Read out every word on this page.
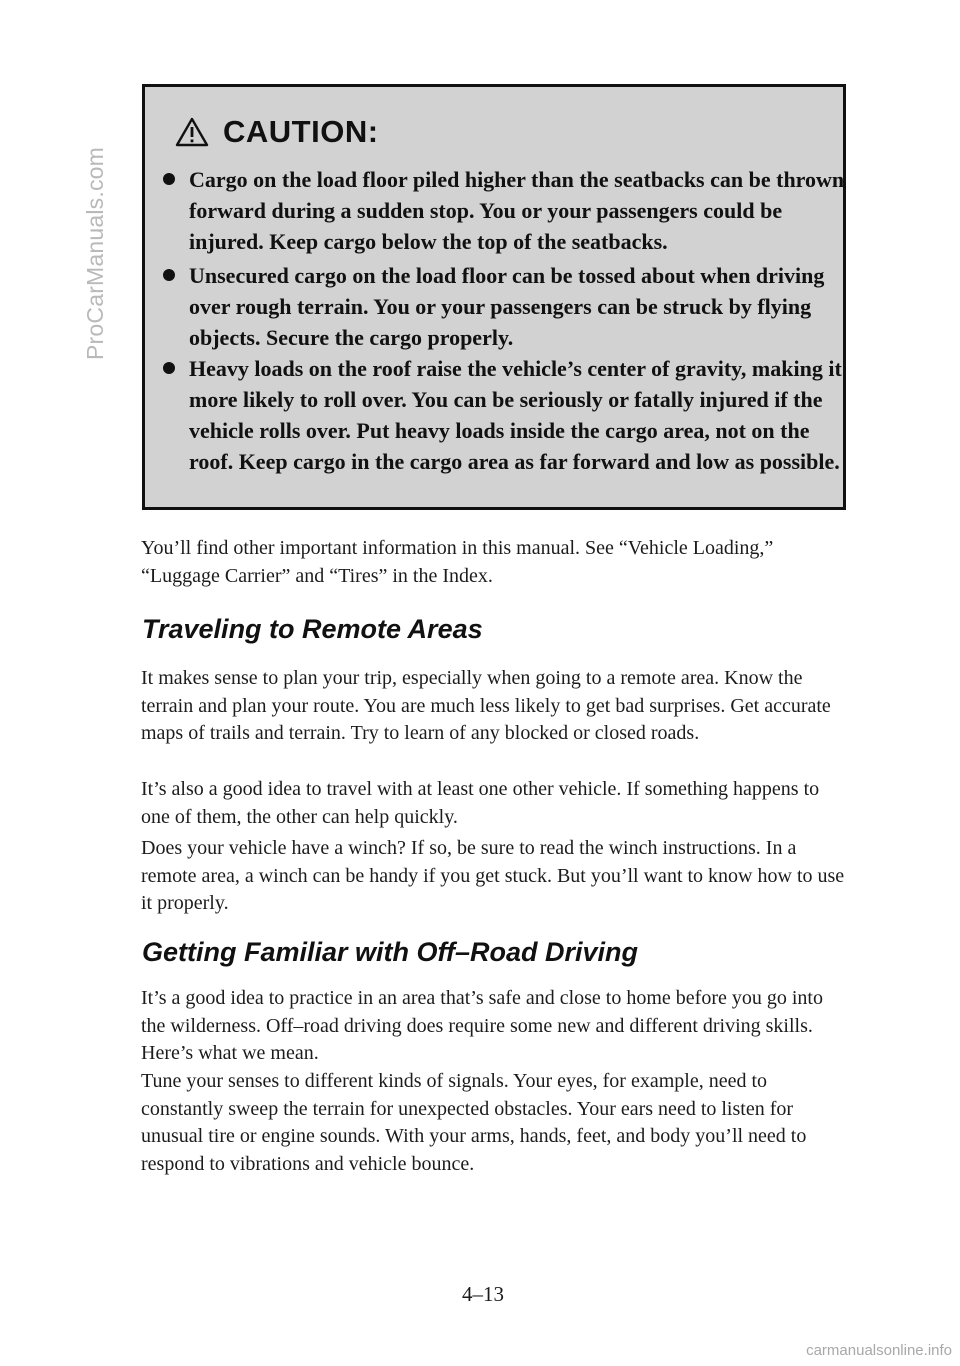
ProCarManuals.com
CAUTION:
Cargo on the load floor piled higher than the seatbacks can be thrown forward during a sudden stop. You or your passengers could be injured. Keep cargo below the top of the seatbacks.
Unsecured cargo on the load floor can be tossed about when driving over rough terrain. You or your passengers can be struck by flying objects. Secure the cargo properly.
Heavy loads on the roof raise the vehicle’s center of gravity, making it more likely to roll over. You can be seriously or fatally injured if the vehicle rolls over. Put heavy loads inside the cargo area, not on the roof. Keep cargo in the cargo area as far forward and low as possible.
You’ll find other important information in this manual. See “Vehicle Loading,” “Luggage Carrier” and “Tires” in the Index.
Traveling to Remote Areas
It makes sense to plan your trip, especially when going to a remote area. Know the terrain and plan your route. You are much less likely to get bad surprises. Get accurate maps of trails and terrain. Try to learn of any blocked or closed roads.
It’s also a good idea to travel with at least one other vehicle. If something happens to one of them, the other can help quickly.
Does your vehicle have a winch? If so, be sure to read the winch instructions. In a remote area, a winch can be handy if you get stuck. But you’ll want to know how to use it properly.
Getting Familiar with Off–Road Driving
It’s a good idea to practice in an area that’s safe and close to home before you go into the wilderness. Off–road driving does require some new and different driving skills. Here’s what we mean.
Tune your senses to different kinds of signals. Your eyes, for example, need to constantly sweep the terrain for unexpected obstacles. Your ears need to listen for unusual tire or engine sounds. With your arms, hands, feet, and body you’ll need to respond to vibrations and vehicle bounce.
4–13
carmanualsonline.info
